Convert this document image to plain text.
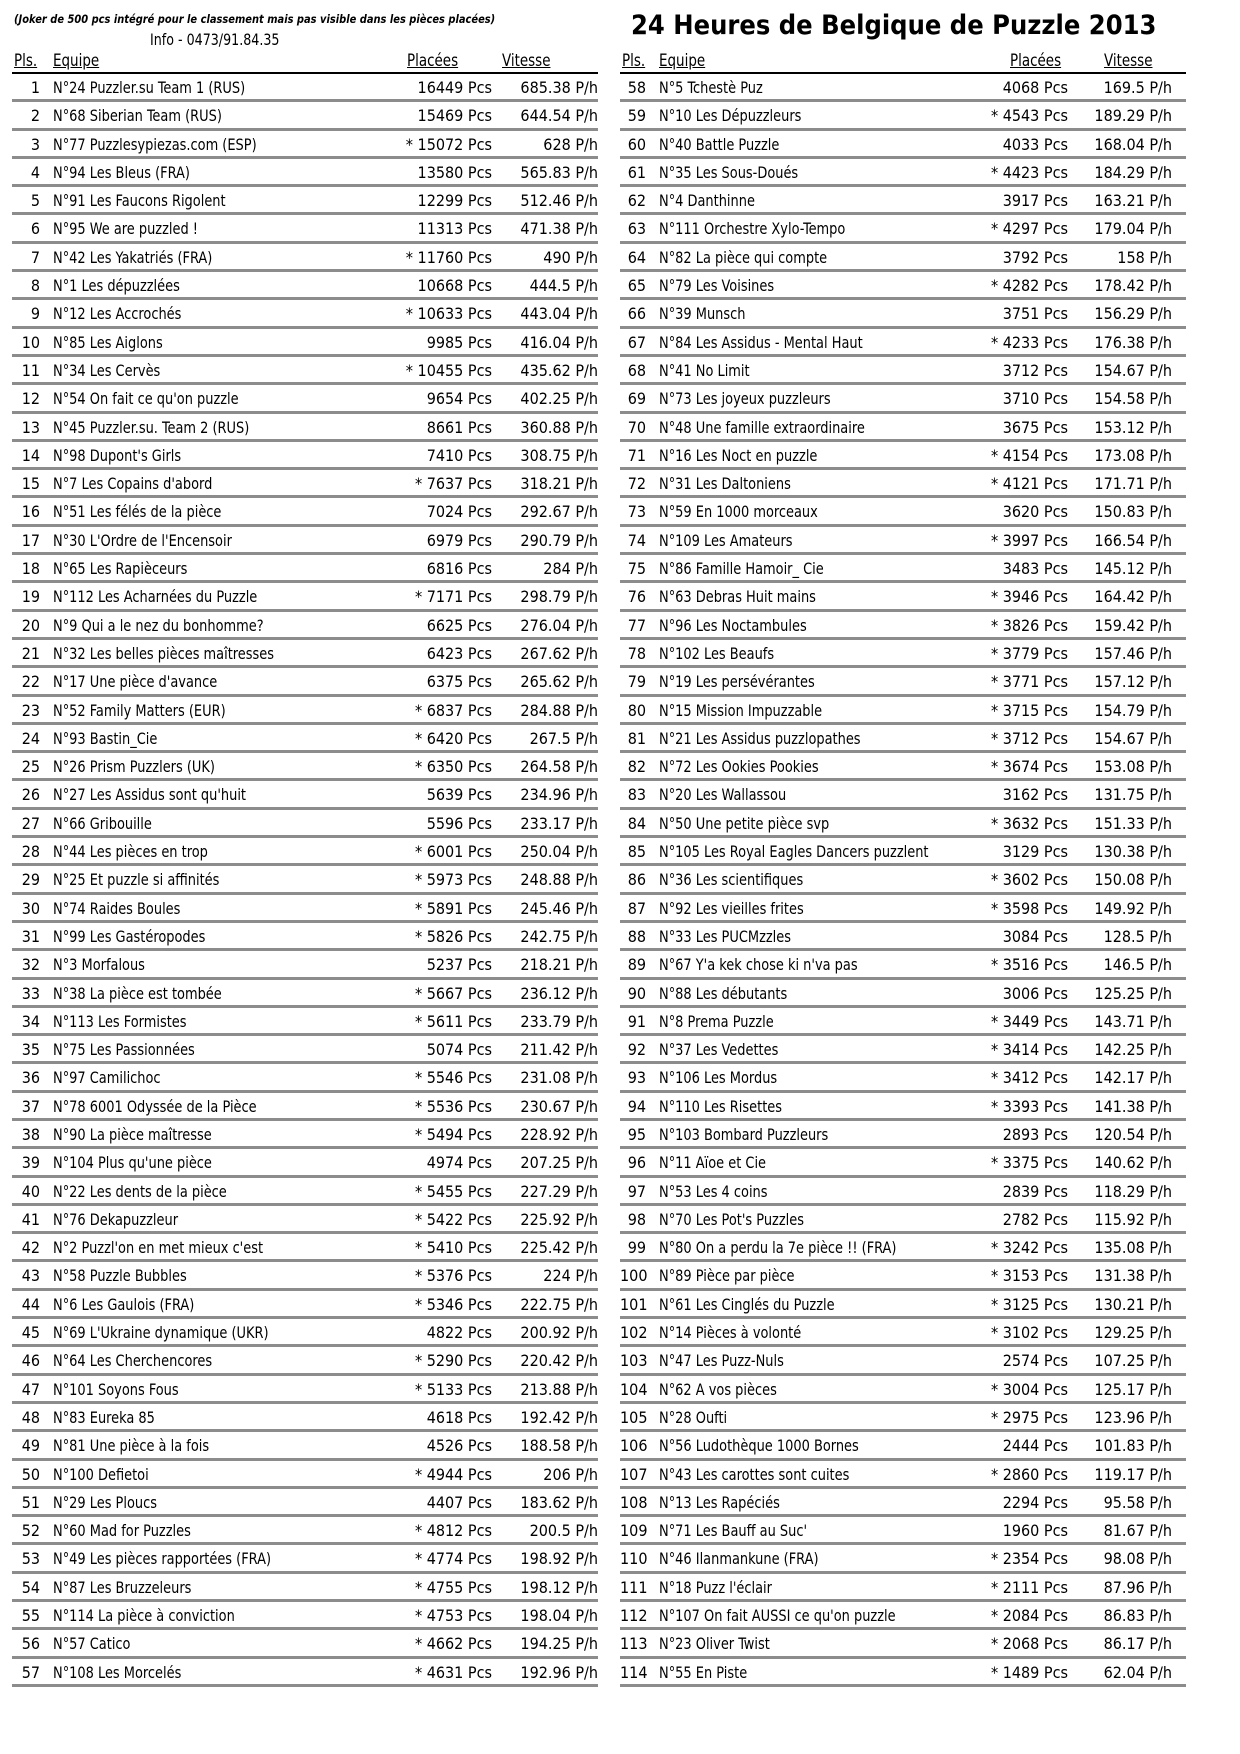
(Joker de 500 pcs intégré pour le classement mais pas visible dans les pièces placées)
Info - 0473/91.84.35	24 Heures de Belgique de Puzzle 2013
Pls. Equipe	Placées	Vitesse
1 N°24 Puzzler.su Team 1 (RUS)	16449 Pcs 685.38 P/h
2 N°68 Siberian Team (RUS)	15469 Pcs 644.54 P/h
3 N°77 Puzzlesypiezas.com (ESP)	* 15072 Pcs	628 P/h
4 N°94 Les Bleus (FRA)	13580 Pcs 565.83 P/h
5 N°91 Les Faucons Rigolent	12299 Pcs 512.46 P/h
6 N°95 We are puzzled !	11313 Pcs 471.38 P/h
7 N°42 Les Yakatriés (FRA)	* 11760 Pcs	490 P/h
8 N°1 Les dépuzzlées	10668 Pcs 444.5 P/h
9 N°12 Les Accrochés	* 10633 Pcs 443.04 P/h
10 N°85 Les Aiglons	9985 Pcs 416.04 P/h
11 N°34 Les Cervès	* 10455 Pcs 435.62 P/h
12 N°54 On fait ce qu'on puzzle	9654 Pcs 402.25 P/h
13 N°45 Puzzler.su. Team 2 (RUS)	8661 Pcs 360.88 P/h
14 N°98 Dupont's Girls	7410 Pcs 308.75 P/h
15 N°7 Les Copains d'abord	* 7637 Pcs 318.21 P/h
16 N°51 Les félés de la pièce	7024 Pcs 292.67 P/h
17 N°30 L'Ordre de l'Encensoir	6979 Pcs 290.79 P/h
18 N°65 Les Rapièceurs	6816 Pcs	284 P/h
19 N°112 Les Acharnées du Puzzle	* 7171 Pcs 298.79 P/h
20 N°9 Qui a le nez du bonhomme?	6625 Pcs 276.04 P/h
21 N°32 Les belles pièces maîtresses	6423 Pcs 267.62 P/h
22 N°17 Une pièce d'avance	6375 Pcs 265.62 P/h
23 N°52 Family Matters (EUR)	* 6837 Pcs 284.88 P/h
24 N°93 Bastin_Cie	* 6420 Pcs 267.5 P/h
25 N°26 Prism Puzzlers (UK)	* 6350 Pcs 264.58 P/h
26 N°27 Les Assidus sont qu'huit	5639 Pcs 234.96 P/h
27 N°66 Gribouille	5596 Pcs 233.17 P/h
28 N°44 Les pièces en trop	* 6001 Pcs 250.04 P/h
29 N°25 Et puzzle si affinités	* 5973 Pcs 248.88 P/h
30 N°74 Raides Boules	* 5891 Pcs 245.46 P/h
31 N°99 Les Gastéropodes	* 5826 Pcs 242.75 P/h
32 N°3 Morfalous	5237 Pcs 218.21 P/h
33 N°38 La pièce est tombée	* 5667 Pcs 236.12 P/h
34 N°113 Les Formistes	* 5611 Pcs 233.79 P/h
35 N°75 Les Passionnées	5074 Pcs 211.42 P/h
36 N°97 Camilichoc	* 5546 Pcs 231.08 P/h
37 N°78 6001 Odyssée de la Pièce	* 5536 Pcs 230.67 P/h
38 N°90 La pièce maîtresse	* 5494 Pcs 228.92 P/h
39 N°104 Plus qu'une pièce	4974 Pcs 207.25 P/h
40 N°22 Les dents de la pièce	* 5455 Pcs 227.29 P/h
41 N°76 Dekapuzzleur	* 5422 Pcs 225.92 P/h
42 N°2 Puzzl'on en met mieux c'est	* 5410 Pcs 225.42 P/h
43 N°58 Puzzle Bubbles	* 5376 Pcs	224 P/h
44 N°6 Les Gaulois (FRA)	* 5346 Pcs 222.75 P/h
45 N°69 L'Ukraine dynamique (UKR)	4822 Pcs 200.92 P/h
46 N°64 Les Cherchencores	* 5290 Pcs 220.42 P/h
47 N°101 Soyons Fous	* 5133 Pcs 213.88 P/h
48 N°83 Eureka 85	4618 Pcs 192.42 P/h
49 N°81 Une pièce à la fois	4526 Pcs 188.58 P/h
50 N°100 Defietoi	* 4944 Pcs	206 P/h
51 N°29 Les Ploucs	4407 Pcs 183.62 P/h
52 N°60 Mad for Puzzles	* 4812 Pcs 200.5 P/h
53 N°49 Les pièces rapportées (FRA)	* 4774 Pcs 198.92 P/h
54 N°87 Les Bruzzeleurs	* 4755 Pcs 198.12 P/h
55 N°114 La pièce à conviction	* 4753 Pcs 198.04 P/h
56 N°57 Catico	* 4662 Pcs 194.25 P/h
57 N°108 Les Morcelés	* 4631 Pcs 192.96 P/h
Pls. Equipe	Placées	Vitesse
58 N°5 Tchestè Puz	4068 Pcs 169.5 P/h
59 N°10 Les Dépuzzleurs	* 4543 Pcs 189.29 P/h
60 N°40 Battle Puzzle	4033 Pcs 168.04 P/h
61 N°35 Les Sous-Doués	* 4423 Pcs 184.29 P/h
62 N°4 Danthinne	3917 Pcs 163.21 P/h
63 N°111 Orchestre Xylo-Tempo	* 4297 Pcs 179.04 P/h
64 N°82 La pièce qui compte	3792 Pcs	158 P/h
65 N°79 Les Voisines	* 4282 Pcs 178.42 P/h
66 N°39 Munsch	3751 Pcs 156.29 P/h
67 N°84 Les Assidus - Mental Haut	* 4233 Pcs 176.38 P/h
68 N°41 No Limit	3712 Pcs 154.67 P/h
69 N°73 Les joyeux puzzleurs	3710 Pcs 154.58 P/h
70 N°48 Une famille extraordinaire	3675 Pcs 153.12 P/h
71 N°16 Les Noct en puzzle	* 4154 Pcs 173.08 P/h
72 N°31 Les Daltoniens	* 4121 Pcs 171.71 P/h
73 N°59 En 1000 morceaux	3620 Pcs 150.83 P/h
74 N°109 Les Amateurs	* 3997 Pcs 166.54 P/h
75 N°86 Famille Hamoir_ Cie	3483 Pcs 145.12 P/h
76 N°63 Debras Huit mains	* 3946 Pcs 164.42 P/h
77 N°96 Les Noctambules	* 3826 Pcs 159.42 P/h
78 N°102 Les Beaufs	* 3779 Pcs 157.46 P/h
79 N°19 Les persévérantes	* 3771 Pcs 157.12 P/h
80 N°15 Mission Impuzzable	* 3715 Pcs 154.79 P/h
81 N°21 Les Assidus puzzlopathes	* 3712 Pcs 154.67 P/h
82 N°72 Les Ookies Pookies	* 3674 Pcs 153.08 P/h
83 N°20 Les Wallassou	3162 Pcs 131.75 P/h
84 N°50 Une petite pièce svp	* 3632 Pcs 151.33 P/h
85 N°105 Les Royal Eagles Dancers puzzlent	3129 Pcs 130.38 P/h
86 N°36 Les scientifiques	* 3602 Pcs 150.08 P/h
87 N°92 Les vieilles frites	* 3598 Pcs 149.92 P/h
88 N°33 Les PUCMzzles	3084 Pcs 128.5 P/h
89 N°67 Y'a kek chose ki n'va pas	* 3516 Pcs 146.5 P/h
90 N°88 Les débutants	3006 Pcs 125.25 P/h
91 N°8 Prema Puzzle	* 3449 Pcs 143.71 P/h
92 N°37 Les Vedettes	* 3414 Pcs 142.25 P/h
93 N°106 Les Mordus	* 3412 Pcs 142.17 P/h
94 N°110 Les Risettes	* 3393 Pcs 141.38 P/h
95 N°103 Bombard Puzzleurs	2893 Pcs 120.54 P/h
96 N°11 Aïoe et Cie	* 3375 Pcs 140.62 P/h
97 N°53 Les 4 coins	2839 Pcs 118.29 P/h
98 N°70 Les Pot's Puzzles	2782 Pcs 115.92 P/h
99 N°80 On a perdu la 7e pièce !! (FRA)	* 3242 Pcs 135.08 P/h
100 N°89 Pièce par pièce	* 3153 Pcs 131.38 P/h
101 N°61 Les Cinglés du Puzzle	* 3125 Pcs 130.21 P/h
102 N°14 Pièces à volonté	* 3102 Pcs 129.25 P/h
103 N°47 Les Puzz-Nuls	2574 Pcs 107.25 P/h
104 N°62 A vos pièces	* 3004 Pcs 125.17 P/h
105 N°28 Oufti	* 2975 Pcs 123.96 P/h
106 N°56 Ludothèque 1000 Bornes	2444 Pcs 101.83 P/h
107 N°43 Les carottes sont cuites	* 2860 Pcs 119.17 P/h
108 N°13 Les Rapéciés	2294 Pcs 95.58 P/h
109 N°71 Les Bauff au Suc'	1960 Pcs 81.67 P/h
110 N°46 Ilanmankune (FRA)	* 2354 Pcs 98.08 P/h
111 N°18 Puzz l'éclair	* 2111 Pcs 87.96 P/h
112 N°107 On fait AUSSI ce qu'on puzzle	* 2084 Pcs 86.83 P/h
113 N°23 Oliver Twist	* 2068 Pcs 86.17 P/h
114 N°55 En Piste	* 1489 Pcs 62.04 P/h
